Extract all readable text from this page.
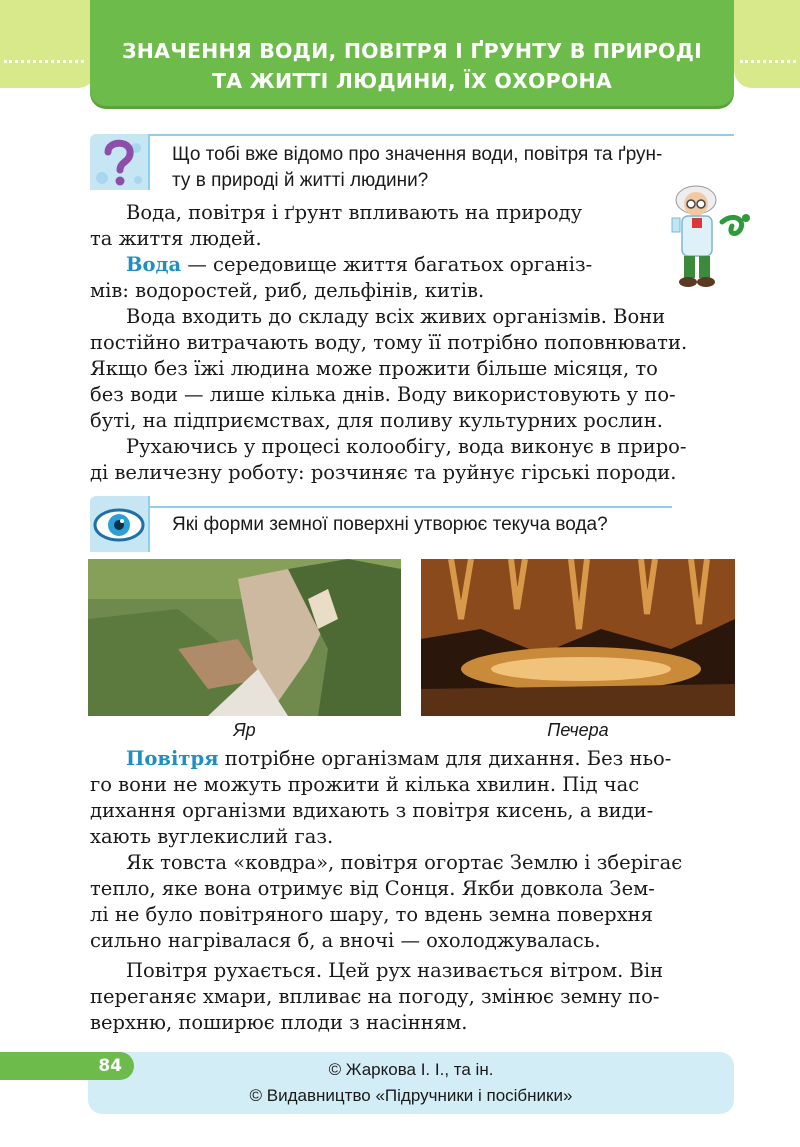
ЗНАЧЕННЯ ВОДИ, ПОВІТРЯ І ҐРУНТУ В ПРИРОДІ
ТА ЖИТТІ ЛЮДИНИ, ЇХ ОХОРОНА
Що тобі вже відомо про значення води, повітря та ґрун-
ту в природі й житті людини?
Вода, повітря і ґрунт впливають на природу
та життя людей.
Вода — середовище життя багатьох організ-
мів: водоростей, риб, дельфінів, китів.
Вода входить до складу всіх живих організмів. Вони
постійно витрачають воду, тому її потрібно поповнювати.
Якщо без їжі людина може прожити більше місяця, то
без води — лише кілька днів. Воду використовують у по-
буті, на підприємствах, для поливу культурних рослин.
Рухаючись у процесі колообігу, вода виконує в приро-
ді величезну роботу: розчиняє та руйнує гірські породи.
Які форми земної поверхні утворює текуча вода?
Яр	Печера
Повітря потрібне організмам для дихання. Без ньо-
го вони не можуть прожити й кілька хвилин. Під час
дихання організми вдихають з повітря кисень, а види-
хають вуглекислий газ.
Як товста «ковдра», повітря огортає Землю і зберігає
тепло, яке вона отримує від Сонця. Якби довкола Зем-
лі не було повітряного шару, то вдень земна поверхня
сильно нагрівалася б, а вночі — охолоджувалась.
Повітря рухається. Цей рух називається вітром. Він
переганяє хмари, впливає на погоду, змінює земну по-
верхню, поширює плоди з насінням.
84	© Жаркова І. І., та ін.
© Видавництво «Підручники і посібники»
